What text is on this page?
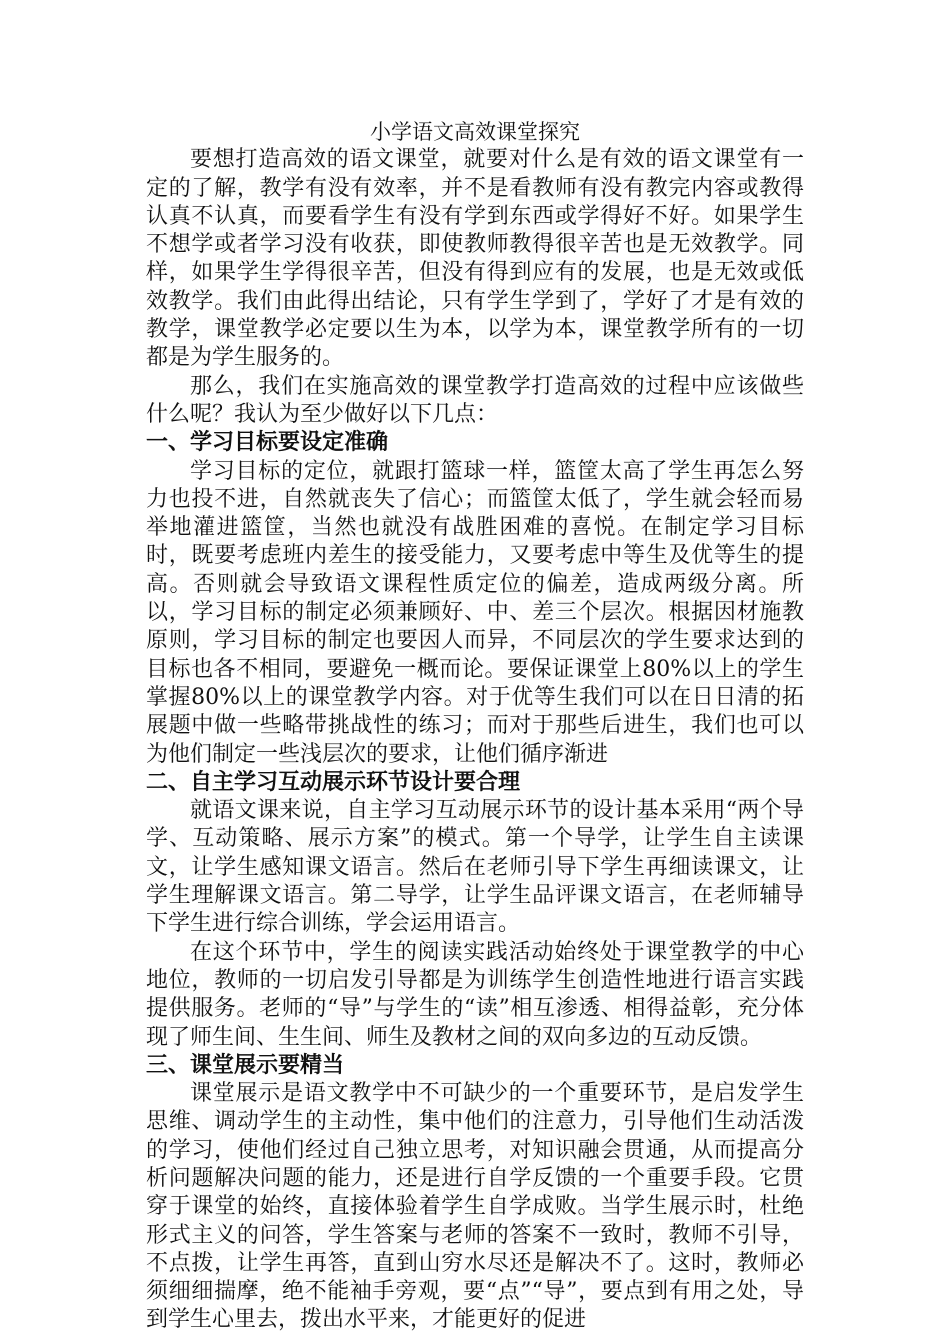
小学语文高效课堂探究

要想打造高效的语文课堂，就要对什么是有效的语文课堂有一定的了解，教学有没有效率，并不是看教师有没有教完内容或教得认真不认真，而要看学生有没有学到东西或学得好不好。如果学生不想学或者学习没有收获，即使教师教得很辛苦也是无效教学。同样，如果学生学得很辛苦，但没有得到应有的发展，也是无效或低效教学。我们由此得出结论，只有学生学到了，学好了才是有效的教学，课堂教学必定要以生为本，以学为本，课堂教学所有的一切都是为学生服务的。

那么，我们在实施高效的课堂教学打造高效的过程中应该做些什么呢？我认为至少做好以下几点：

一、学习目标要设定准确

学习目标的定位，就跟打篮球一样，篮筐太高了学生再怎么努力也投不进，自然就丧失了信心；而篮筐太低了，学生就会轻而易举地灌进篮筐，当然也就没有战胜困难的喜悦。在制定学习目标时，既要考虑班内差生的接受能力，又要考虑中等生及优等生的提高。否则就会导致语文课程性质定位的偏差，造成两级分离。所以，学习目标的制定必须兼顾好、中、差三个层次。根据因材施教原则，学习目标的制定也要因人而异，不同层次的学生要求达到的目标也各不相同，要避免一概而论。要保证课堂上80%以上的学生掌握80%以上的课堂教学内容。对于优等生我们可以在日日清的拓展题中做一些略带挑战性的练习；而对于那些后进生，我们也可以为他们制定一些浅层次的要求，让他们循序渐进

二、自主学习互动展示环节设计要合理

就语文课来说，自主学习互动展示环节的设计基本采用“两个导学、互动策略、展示方案”的模式。第一个导学，让学生自主读课文，让学生感知课文语言。然后在老师引导下学生再细读课文，让学生理解课文语言。第二导学，让学生品评课文语言，在老师辅导下学生进行综合训练，学会运用语言。

在这个环节中，学生的阅读实践活动始终处于课堂教学的中心地位，教师的一切启发引导都是为训练学生创造性地进行语言实践提供服务。老师的“导”与学生的“读”相互渗透、相得益彰，充分体现了师生间、生生间、师生及教材之间的双向多边的互动反馈。

三、课堂展示要精当

课堂展示是语文教学中不可缺少的一个重要环节，是启发学生思维、调动学生的主动性，集中他们的注意力，引导他们生动活泼的学习，使他们经过自己独立思考，对知识融会贯通，从而提高分析问题解决问题的能力，还是进行自学反馈的一个重要手段。它贯穿于课堂的始终，直接体验着学生自学成败。当学生展示时，杜绝形式主义的问答，学生答案与老师的答案不一致时，教师不引导，不点拨，让学生再答，直到山穷水尽还是解决不了。这时，教师必须细细揣摩，绝不能袖手旁观，要“点”“导”，要点到有用之处，导到学生心里去，拨出水平来，才能更好的促进
